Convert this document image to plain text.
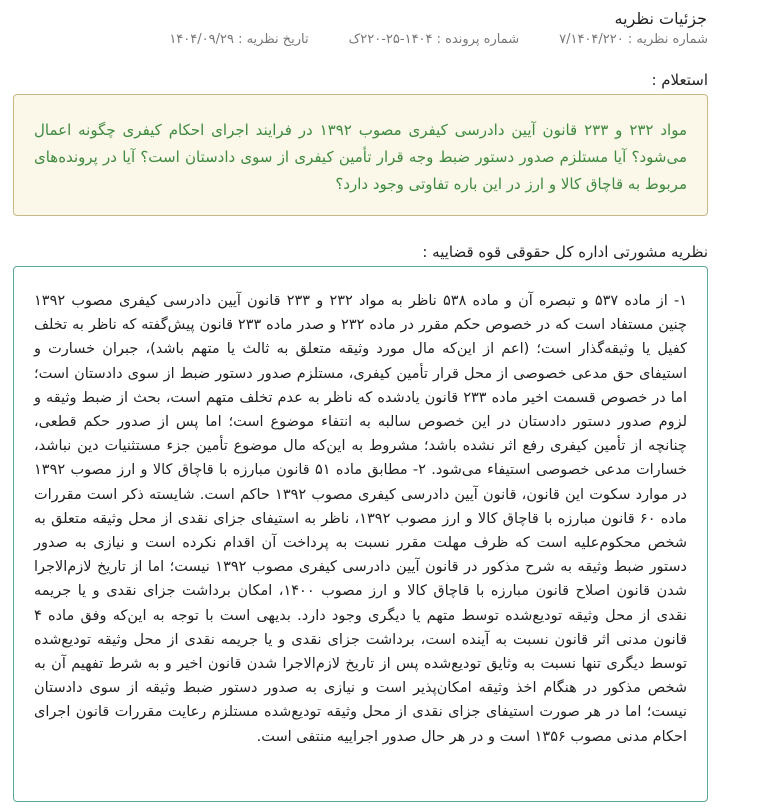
جزئیات نظریه
شماره نظریه : ۷/۱۴۰۴/۲۲۰
شماره پرونده : ۱۴۰۴-۲۵-۲۲۰ک
تاریخ نظریه : ۱۴۰۴/۰۹/۲۹
استعلام :
مواد ۲۳۲ و ۲۳۳ قانون آیین دادرسی کیفری مصوب ۱۳۹۲ در فرایند اجرای احکام کیفری چگونه اعمال می‌شود؟ آیا مستلزم صدور دستور ضبط وجه قرار تأمین کیفری از سوی دادستان است؟ آیا در پرونده‌های مربوط به قاچاق کالا و ارز در این باره تفاوتی وجود دارد؟
نظریه مشورتی اداره کل حقوقی قوه قضاییه :
۱- از ماده ۵۳۷ و تبصره آن و ماده ۵۳۸ ناظر به مواد ۲۳۲ و ۲۳۳ قانون آیین دادرسی کیفری مصوب ۱۳۹۲ چنین مستفاد است که در خصوص حکم مقرر در ماده ۲۳۲ و صدر ماده ۲۳۳ قانون پیش‌گفته که ناظر به تخلف کفیل یا وثیقه‌گذار است؛ (اعم از این‌که مال مورد وثیقه متعلق به ثالث یا متهم باشد)، جبران خسارت و استیفای حق مدعی خصوصی از محل قرار تأمین کیفری، مستلزم صدور دستور ضبط از سوی دادستان است؛ اما در خصوص قسمت اخیر ماده ۲۳۳ قانون یادشده که ناظر به عدم تخلف متهم است، بحث از ضبط وثیقه و لزوم صدور دستور دادستان در این خصوص سالبه به انتفاء موضوع است؛ اما پس از صدور حکم قطعی، چنانچه از تأمین کیفری رفع اثر نشده باشد؛ مشروط به این‌که مال موضوع تأمین جزء مستثنیات دین نباشد، خسارات مدعی خصوصی استیفاء می‌شود. ۲- مطابق ماده ۵۱ قانون مبارزه با قاچاق کالا و ارز مصوب ۱۳۹۲ در موارد سکوت این قانون، قانون آیین دادرسی کیفری مصوب ۱۳۹۲ حاکم است. شایسته ذکر است مقررات ماده ۶۰ قانون مبارزه با قاچاق کالا و ارز مصوب ۱۳۹۲، ناظر به استیفای جزای نقدی از محل وثیقه متعلق به شخص محکوم‌علیه است که ظرف مهلت مقرر نسبت به پرداخت آن اقدام نکرده است و نیازی به صدور دستور ضبط وثیقه به شرح مذکور در قانون آیین دادرسی کیفری مصوب ۱۳۹۲ نیست؛ اما از تاریخ لازم‌الاجرا شدن قانون اصلاح قانون مبارزه با قاچاق کالا و ارز مصوب ۱۴۰۰، امکان برداشت جزای نقدی و یا جریمه نقدی از محل وثیقه تودیع‌شده توسط متهم یا دیگری وجود دارد. بدیهی است با توجه به این‌که وفق ماده ۴ قانون مدنی اثر قانون نسبت به آینده است، برداشت جزای نقدی و یا جریمه نقدی از محل وثیقه تودیع‌شده توسط دیگری تنها نسبت به وثایق تودیع‌شده پس از تاریخ لازم‌الاجرا شدن قانون اخیر و به شرط تفهیم آن به شخص مذکور در هنگام اخذ وثیقه امکان‌پذیر است و نیازی به صدور دستور ضبط وثیقه از سوی دادستان نیست؛ اما در هر صورت استیفای جزای نقدی از محل وثیقه تودیع‌شده مستلزم رعایت مقررات قانون اجرای احکام مدنی مصوب ۱۳۵۶ است و در هر حال صدور اجراییه منتفی است.
